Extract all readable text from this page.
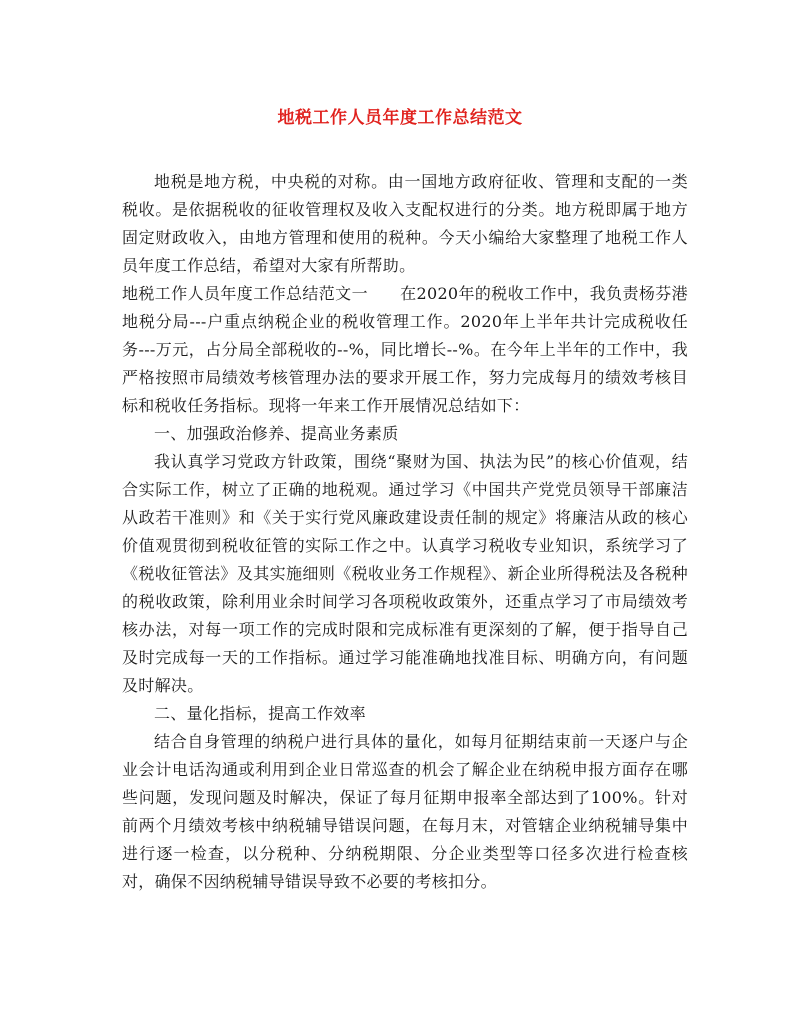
地税工作人员年度工作总结范文

地税是地方税，中央税的对称。由一国地方政府征收、管理和支配的一类税收。是依据税收的征收管理权及收入支配权进行的分类。地方税即属于地方固定财政收入，由地方管理和使用的税种。今天小编给大家整理了地税工作人员年度工作总结，希望对大家有所帮助。

地税工作人员年度工作总结范文一 在2020年的税收工作中，我负责杨芬港地税分局---户重点纳税企业的税收管理工作。2020年上半年共计完成税收任务---万元，占分局全部税收的--%，同比增长--%。在今年上半年的工作中，我严格按照市局绩效考核管理办法的要求开展工作，努力完成每月的绩效考核目标和税收任务指标。现将一年来工作开展情况总结如下：

一、加强政治修养、提高业务素质

我认真学习党政方针政策，围绕“聚财为国、执法为民”的核心价值观，结合实际工作，树立了正确的地税观。通过学习《中国共产党党员领导干部廉洁从政若干准则》和《关于实行党风廉政建设责任制的规定》将廉洁从政的核心价值观贯彻到税收征管的实际工作之中。认真学习税收专业知识，系统学习了《税收征管法》及其实施细则《税收业务工作规程》、新企业所得税法及各税种的税收政策，除利用业余时间学习各项税收政策外，还重点学习了市局绩效考核办法，对每一项工作的完成时限和完成标准有更深刻的了解，便于指导自己及时完成每一天的工作指标。通过学习能准确地找准目标、明确方向，有问题及时解决。

二、量化指标，提高工作效率

结合自身管理的纳税户进行具体的量化，如每月征期结束前一天逐户与企业会计电话沟通或利用到企业日常巡查的机会了解企业在纳税申报方面存在哪些问题，发现问题及时解决，保证了每月征期申报率全部达到了100%。针对前两个月绩效考核中纳税辅导错误问题，在每月末，对管辖企业纳税辅导集中进行逐一检查，以分税种、分纳税期限、分企业类型等口径多次进行检查核对，确保不因纳税辅导错误导致不必要的考核扣分。
